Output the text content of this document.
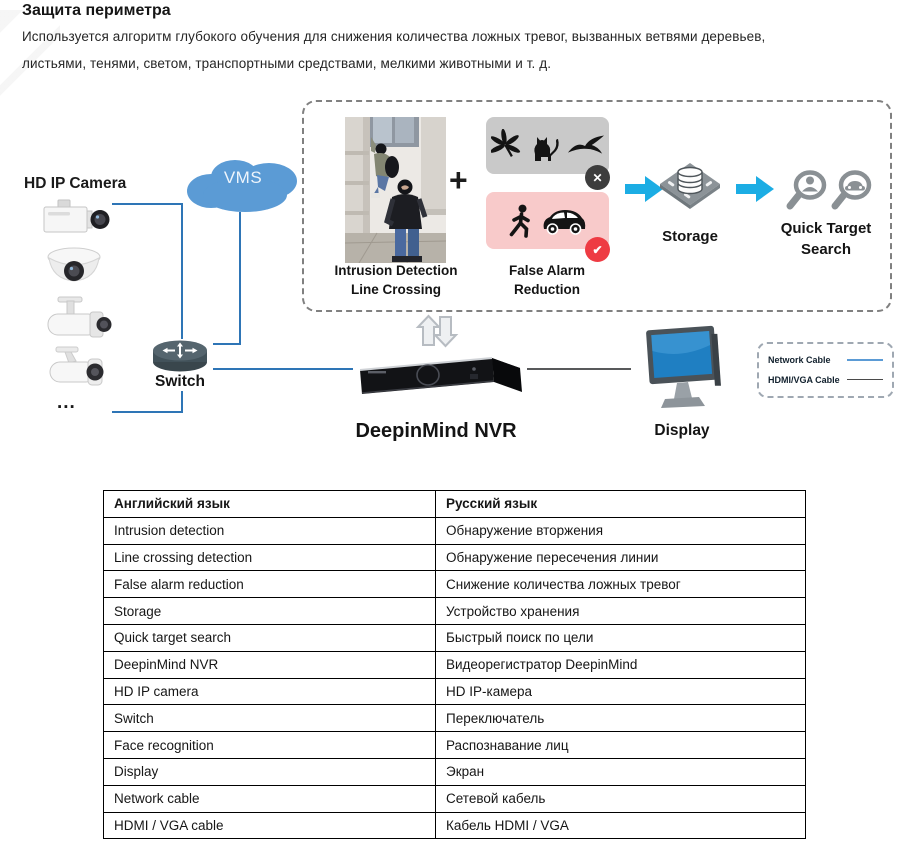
Защита периметра
Используется алгоритм глубокого обучения для снижения количества ложных тревог, вызванных ветвями деревьев,
листьями, тенями, светом, транспортными средствами, мелкими животными и т. д.
HD IP Camera
...
VMS
Switch
Intrusion Detection
Line Crossing
+	✕
✔
False Alarm
Reduction
Storage	Quick Target
Search
DeepinMind NVR	Display
Network Cable
HDMI/VGA Cable
Английский язык	Русский язык
Intrusion detection	Обнаружение вторжения
Line crossing detection	Обнаружение пересечения линии
False alarm reduction	Снижение количества ложных тревог
Storage	Устройство хранения
Quick target search	Быстрый поиск по цели
DeepinMind NVR	Видеорегистратор DeepinMind
HD IP camera	HD IP-камера
Switch	Переключатель
Face recognition	Распознавание лиц
Display	Экран
Network cable	Сетевой кабель
HDMI / VGA cable	Кабель HDMI / VGA
